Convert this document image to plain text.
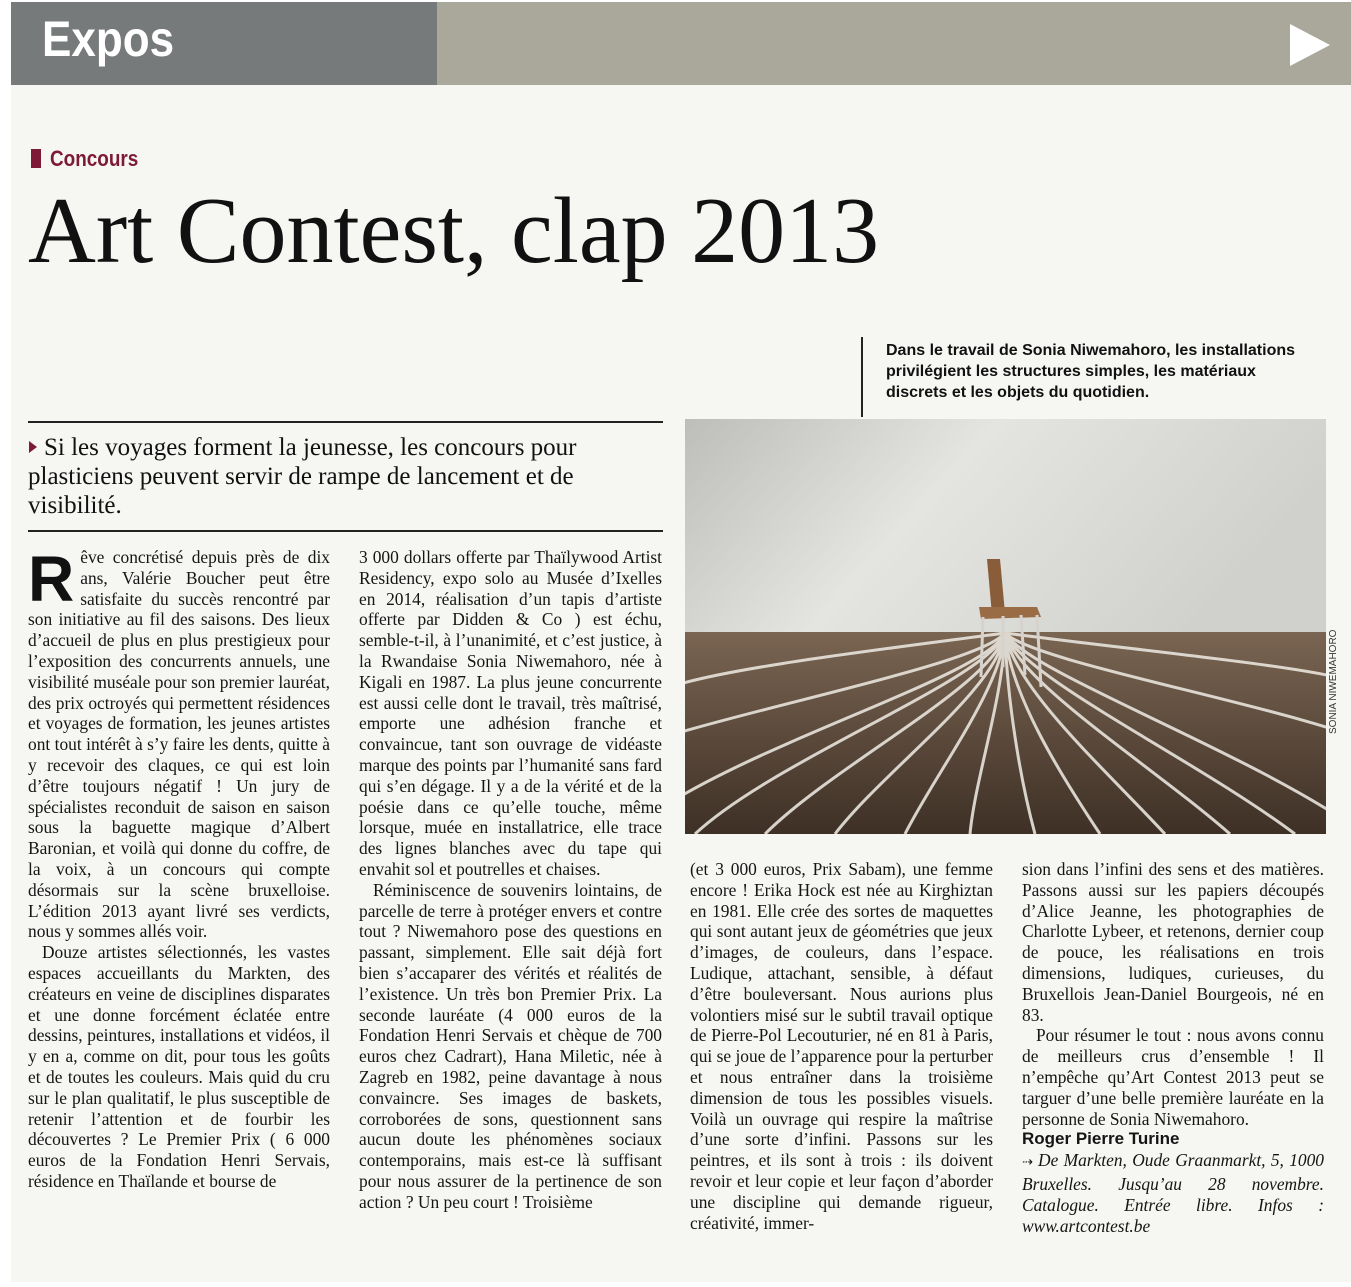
Expos
Concours
Art Contest, clap 2013
Dans le travail de Sonia Niwemahoro, les installations privilégient les structures simples, les matériaux discrets et les objets du quotidien.
Si les voyages forment la jeunesse, les concours pour plasticiens peuvent servir de rampe de lancement et de visibilité.
SONIA NIWEMAHORO

Rêve concrétisé depuis près de dix ans, Valérie Boucher peut être satisfaite du succès rencontré par son initiative au fil des saisons. Des lieux d’accueil de plus en plus prestigieux pour l’exposition des concurrents annuels, une visibilité muséale pour son premier lauréat, des prix octroyés qui permettent résidences et voyages de formation, les jeunes artistes ont tout intérêt à s’y faire les dents, quitte à y recevoir des claques, ce qui est loin d’être toujours négatif ! Un jury de spécialistes reconduit de saison en saison sous la baguette magique d’Albert Baronian, et voilà qui donne du coffre, de la voix, à un concours qui compte désormais sur la scène bruxelloise. L’édition 2013 ayant livré ses verdicts, nous y sommes allés voir.

Douze artistes sélectionnés, les vastes espaces accueillants du Markten, des créateurs en veine de disciplines disparates et une donne forcément éclatée entre dessins, peintures, installations et vidéos, il y en a, comme on dit, pour tous les goûts et de toutes les couleurs. Mais quid du cru sur le plan qualitatif, le plus susceptible de retenir l’attention et de fourbir les découvertes ? Le Premier Prix ( 6 000 euros de la Fondation Henri Servais, résidence en Thaïlande et bourse de

3 000 dollars offerte par Thaïlywood Artist Residency, expo solo au Musée d’Ixelles en 2014, réalisation d’un tapis d’artiste offerte par Didden & Co ) est échu, semble-t-il, à l’unanimité, et c’est justice, à la Rwandaise Sonia Niwemahoro, née à Kigali en 1987. La plus jeune concurrente est aussi celle dont le travail, très maîtrisé, emporte une adhésion franche et convaincue, tant son ouvrage de vidéaste marque des points par l’humanité sans fard qui s’en dégage. Il y a de la vérité et de la poésie dans ce qu’elle touche, même lorsque, muée en installatrice, elle trace des lignes blanches avec du tape qui envahit sol et poutrelles et chaises.

Réminiscence de souvenirs lointains, de parcelle de terre à protéger envers et contre tout ? Niwemahoro pose des questions en passant, simplement. Elle sait déjà fort bien s’accaparer des vérités et réalités de l’existence. Un très bon Premier Prix. La seconde lauréate (4 000 euros de la Fondation Henri Servais et chèque de 700 euros chez Cadrart), Hana Miletic, née à Zagreb en 1982, peine davantage à nous convaincre. Ses images de baskets, corroborées de sons, questionnent sans aucun doute les phénomènes sociaux contemporains, mais est-ce là suffisant pour nous assurer de la pertinence de son action ? Un peu court ! Troisième

(et 3 000 euros, Prix Sabam), une femme encore ! Erika Hock est née au Kirghiztan en 1981. Elle crée des sortes de maquettes qui sont autant jeux de géométries que jeux d’images, de couleurs, dans l’espace. Ludique, attachant, sensible, à défaut d’être bouleversant. Nous aurions plus volontiers misé sur le subtil travail optique de Pierre-Pol Lecouturier, né en 81 à Paris, qui se joue de l’apparence pour la perturber et nous entraîner dans la troisième dimension de tous les possibles visuels. Voilà un ouvrage qui respire la maîtrise d’une sorte d’infini. Passons sur les peintres, et ils sont à trois : ils doivent revoir et leur copie et leur façon d’aborder une discipline qui demande rigueur, créativité, immer-

sion dans l’infini des sens et des matières. Passons aussi sur les papiers découpés d’Alice Jeanne, les photographies de Charlotte Lybeer, et retenons, dernier coup de pouce, les réalisations en trois dimensions, ludiques, curieuses, du Bruxellois Jean-Daniel Bourgeois, né en 83.

Pour résumer le tout : nous avons connu de meilleurs crus d’ensemble ! Il n’empêche qu’Art Contest 2013 peut se targuer d’une belle première lauréate en la personne de Sonia Niwemahoro.

Roger Pierre Turine

⇢ De Markten, Oude Graanmarkt, 5, 1000 Bruxelles. Jusqu’au 28 novembre. Catalogue. Entrée libre. Infos : www.artcontest.be
